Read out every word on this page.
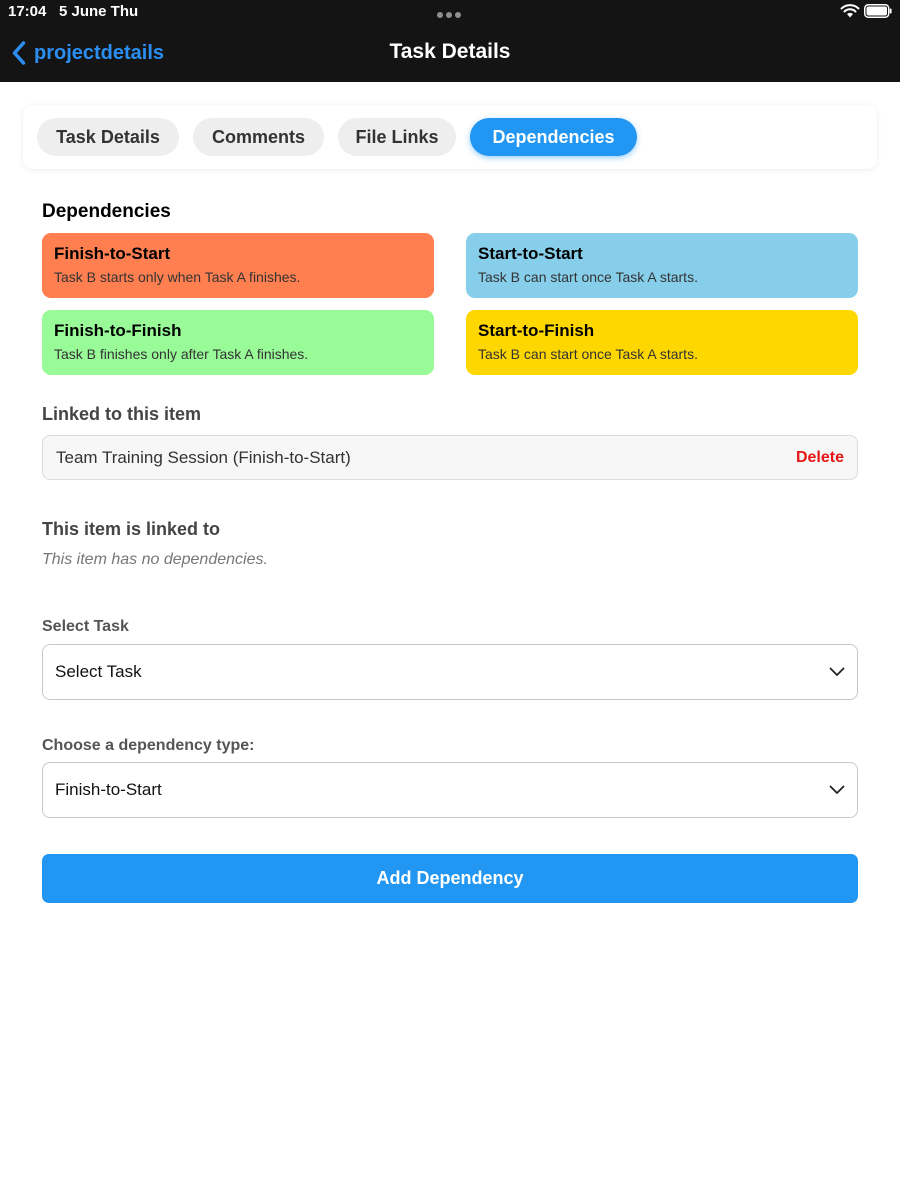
17:04 5 June Thu
projectdetails	Task Details
Task Details	Comments	File Links	Dependencies
Dependencies
Finish-to-Start
Task B starts only when Task A finishes.
Start-to-Start
Task B can start once Task A starts.
Finish-to-Finish
Task B finishes only after Task A finishes.
Start-to-Finish
Task B can start once Task A starts.
Linked to this item
Team Training Session (Finish-to-Start)	Delete
This item is linked to
This item has no dependencies.
Select Task
Select Task
Choose a dependency type:
Finish-to-Start
Add Dependency
